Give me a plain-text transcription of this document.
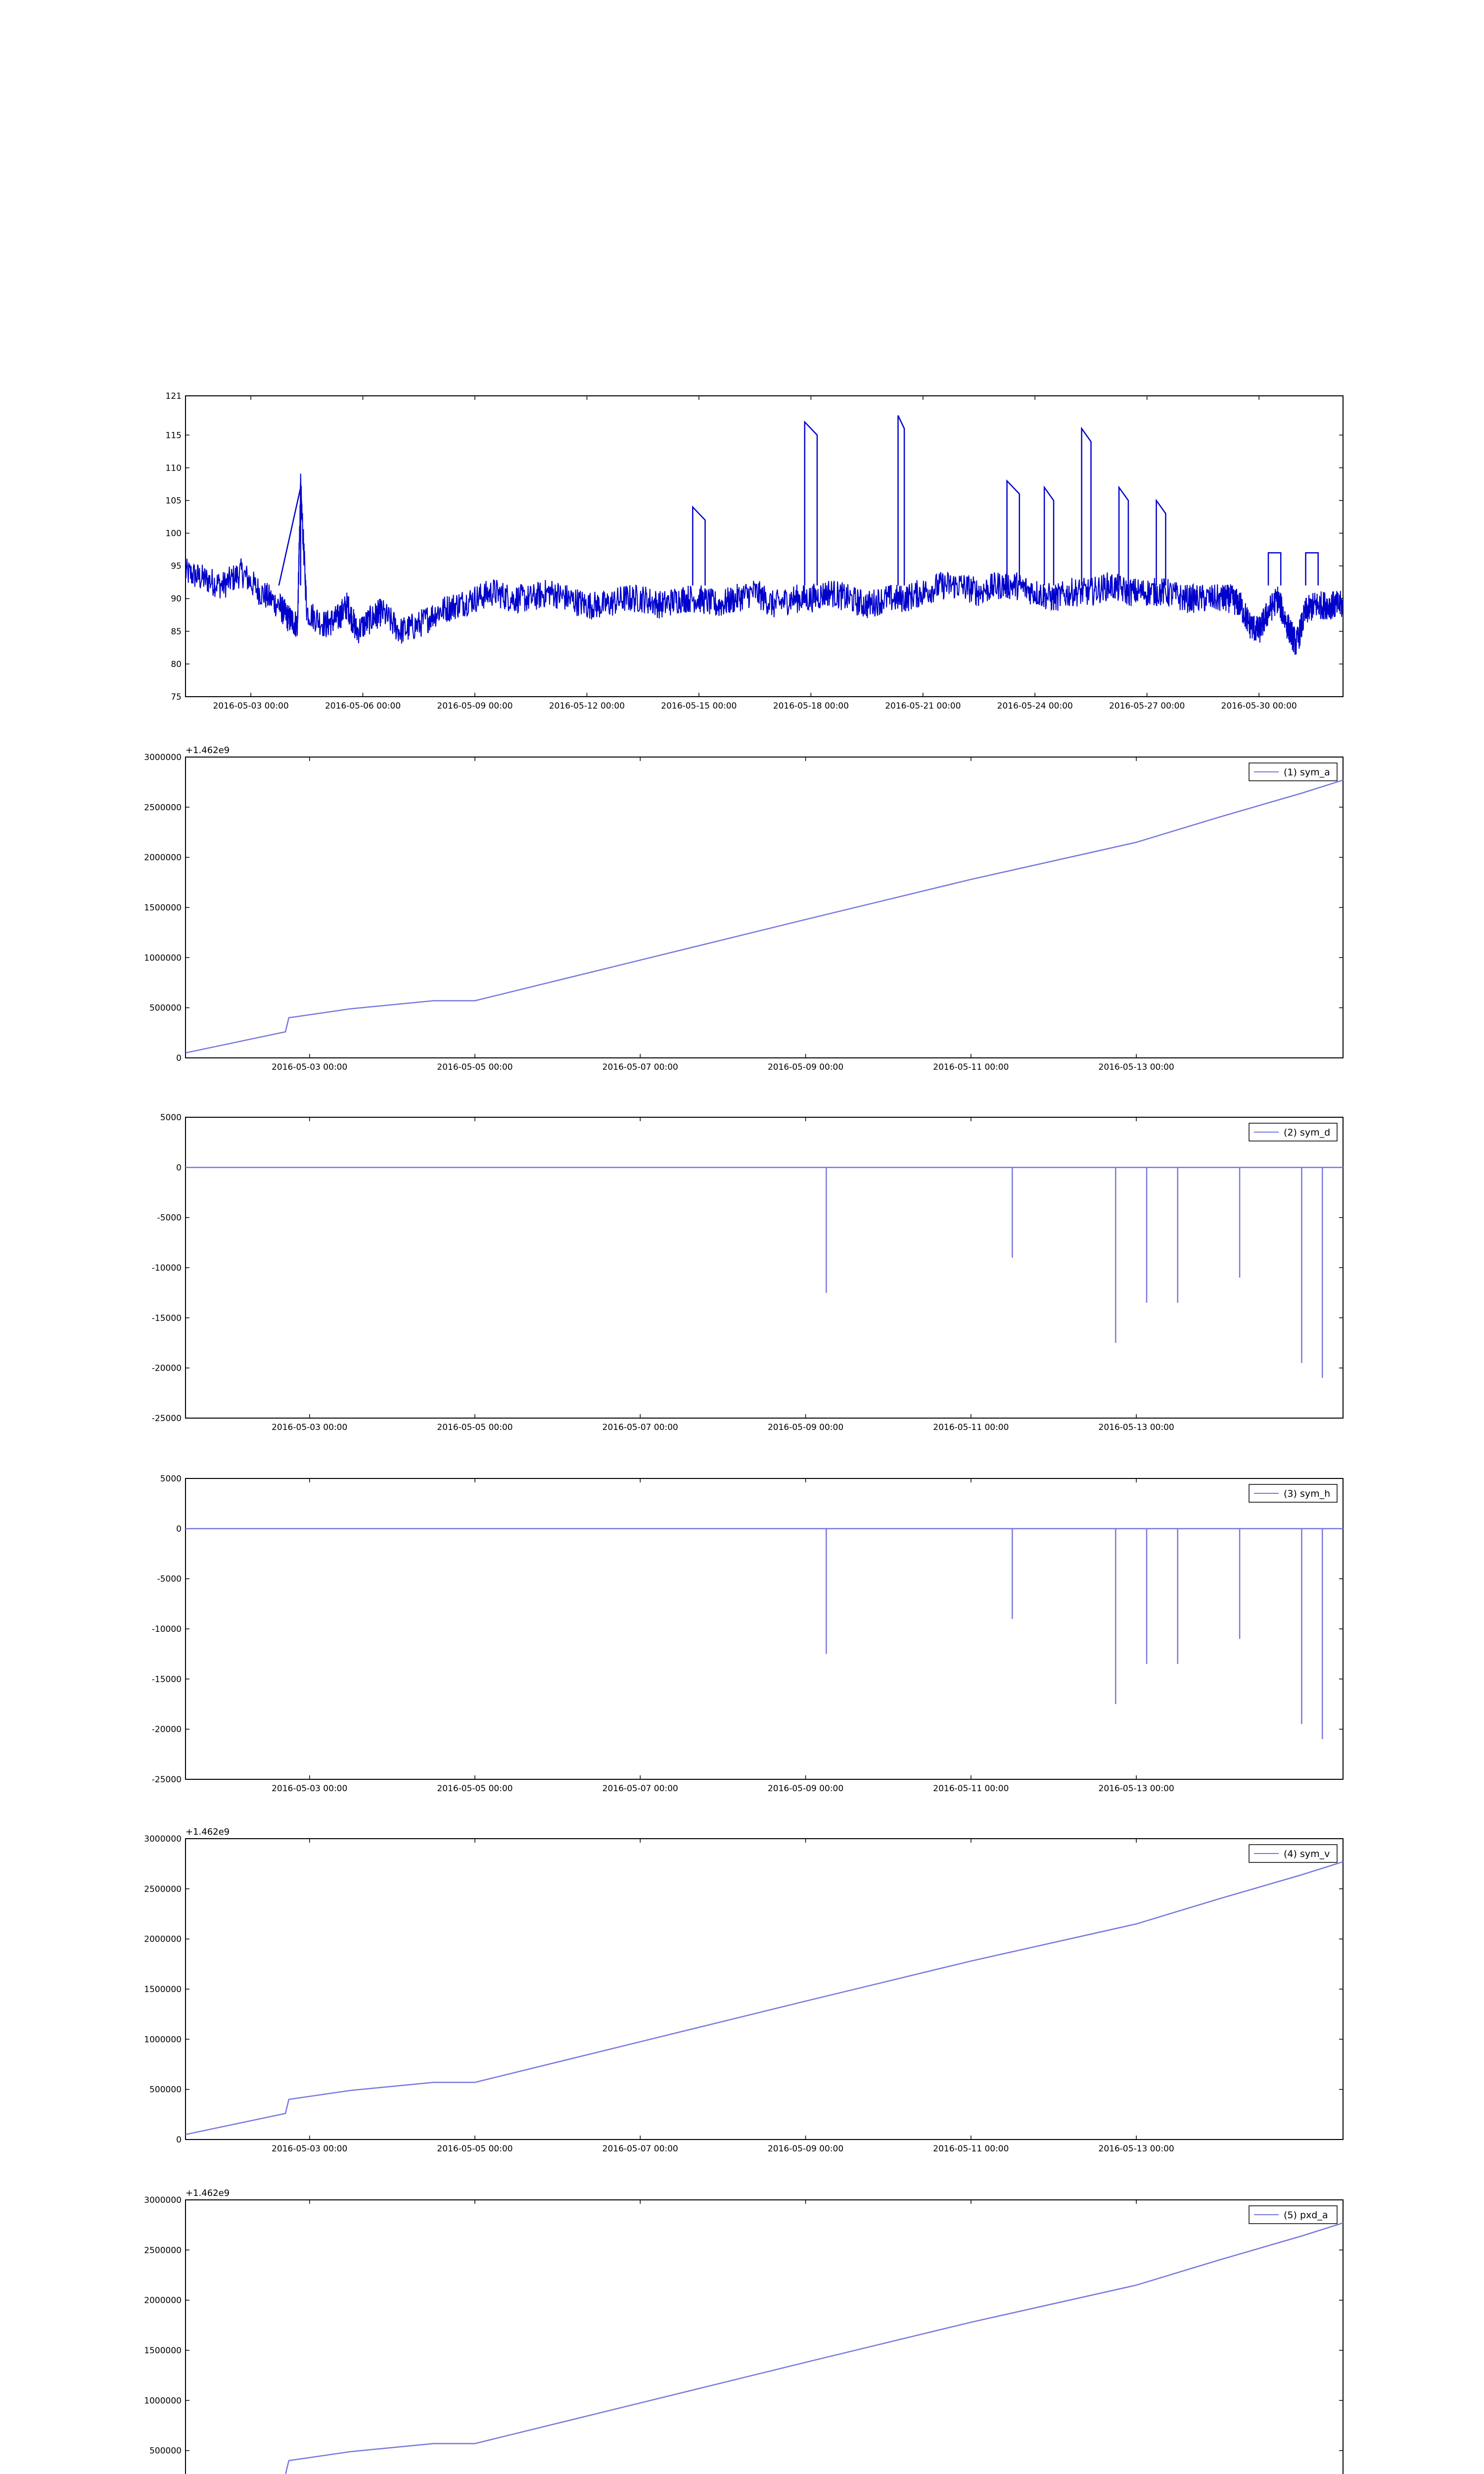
75
80
85
90
95
100
105
110
115
121
2016-05-03 00:00	2016-05-06 00:00	2016-05-09 00:00	2016-05-12 00:00	2016-05-15 00:00	2016-05-18 00:00	2016-05-21 00:00	2016-05-24 00:00	2016-05-27 00:00	2016-05-30 00:00
0
500000
1000000
1500000
2000000
2500000
3000000
2016-05-03 00:00	2016-05-05 00:00	2016-05-07 00:00	2016-05-09 00:00	2016-05-11 00:00	2016-05-13 00:00
+1.462e9
(1) sym_a
-25000
-20000
-15000
-10000
-5000
0
5000
2016-05-03 00:00	2016-05-05 00:00	2016-05-07 00:00	2016-05-09 00:00	2016-05-11 00:00	2016-05-13 00:00
(2) sym_d
-25000
-20000
-15000
-10000
-5000
0
5000
2016-05-03 00:00	2016-05-05 00:00	2016-05-07 00:00	2016-05-09 00:00	2016-05-11 00:00	2016-05-13 00:00
(3) sym_h
0
500000
1000000
1500000
2000000
2500000
3000000
2016-05-03 00:00	2016-05-05 00:00	2016-05-07 00:00	2016-05-09 00:00	2016-05-11 00:00	2016-05-13 00:00
+1.462e9
(4) sym_v
500000
1000000
1500000
2000000
2500000
3000000
+1.462e9
(5) pxd_a
